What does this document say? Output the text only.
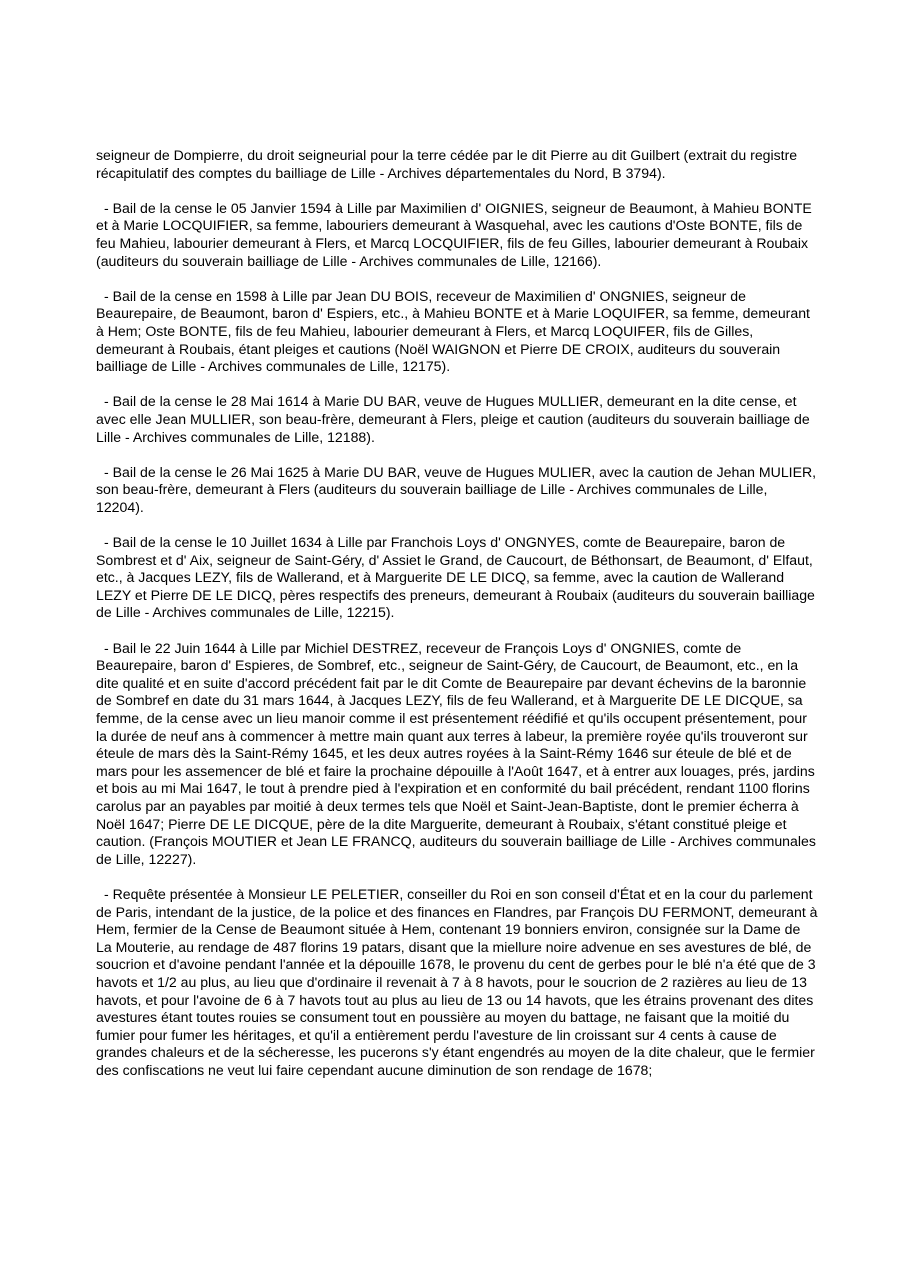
seigneur de Dompierre, du droit seigneurial pour la terre cédée par le dit Pierre au dit Guilbert (extrait du registre récapitulatif des comptes du bailliage de Lille - Archives départementales du Nord, B 3794).

- Bail de la cense le 05 Janvier 1594 à Lille par Maximilien d' OIGNIES, seigneur de Beaumont, à Mahieu BONTE et à Marie LOCQUIFIER, sa femme, labouriers demeurant à Wasquehal, avec les cautions d'Oste BONTE, fils de feu Mahieu, labourier demeurant à Flers, et Marcq LOCQUIFIER, fils de feu Gilles, labourier demeurant à Roubaix (auditeurs du souverain bailliage de Lille - Archives communales de Lille, 12166).

- Bail de la cense en 1598 à Lille par Jean DU BOIS, receveur de Maximilien d' ONGNIES, seigneur de Beaurepaire, de Beaumont, baron d' Espiers, etc., à Mahieu BONTE et à Marie LOQUIFER, sa femme, demeurant à Hem; Oste BONTE, fils de feu Mahieu, labourier demeurant à Flers, et Marcq LOQUIFER, fils de Gilles, demeurant à Roubais, étant pleiges et cautions (Noël WAIGNON et Pierre DE CROIX, auditeurs du souverain bailliage de Lille - Archives communales de Lille, 12175).

- Bail de la cense le 28 Mai 1614 à Marie DU BAR, veuve de Hugues MULLIER, demeurant en la dite cense, et avec elle Jean MULLIER, son beau-frère, demeurant à Flers, pleige et caution (auditeurs du souverain bailliage de Lille - Archives communales de Lille, 12188).

- Bail de la cense le 26 Mai 1625 à Marie DU BAR, veuve de Hugues MULIER, avec la caution de Jehan MULIER, son beau-frère, demeurant à Flers (auditeurs du souverain bailliage de Lille - Archives communales de Lille, 12204).

- Bail de la cense le 10 Juillet 1634 à Lille par Franchois Loys d' ONGNYES, comte de Beaurepaire, baron de Sombrest et d' Aix, seigneur de Saint-Géry, d' Assiet le Grand, de Caucourt, de Béthonsart, de Beaumont, d' Elfaut, etc., à Jacques LEZY, fils de Wallerand, et à Marguerite DE LE DICQ, sa femme, avec la caution de Wallerand LEZY et Pierre DE LE DICQ, pères respectifs des preneurs, demeurant à Roubaix (auditeurs du souverain bailliage de Lille - Archives communales de Lille, 12215).

- Bail le 22 Juin 1644 à Lille par Michiel DESTREZ, receveur de François Loys d' ONGNIES, comte de Beaurepaire, baron d' Espieres, de Sombref, etc., seigneur de Saint-Géry, de Caucourt, de Beaumont, etc., en la dite qualité et en suite d'accord précédent fait par le dit Comte de Beaurepaire par devant échevins de la baronnie de Sombref en date du 31 mars 1644, à Jacques LEZY, fils de feu Wallerand, et à Marguerite DE LE DICQUE, sa femme, de la cense avec un lieu manoir comme il est présentement réédifié et qu'ils occupent présentement, pour la durée de neuf ans à commencer à mettre main quant aux terres à labeur, la première royée qu'ils trouveront sur éteule de mars dès la Saint-Rémy 1645, et les deux autres royées à la Saint-Rémy 1646 sur éteule de blé et de mars pour les assemencer de blé et faire la prochaine dépouille à l'Août 1647, et à entrer aux louages, prés, jardins et bois au mi Mai 1647, le tout à prendre pied à l'expiration et en conformité du bail précédent, rendant 1100 florins carolus par an payables par moitié à deux termes tels que Noël et Saint-Jean-Baptiste, dont le premier écherra à Noël 1647; Pierre DE LE DICQUE, père de la dite Marguerite, demeurant à Roubaix, s'étant constitué pleige et caution. (François MOUTIER et Jean LE FRANCQ, auditeurs du souverain bailliage de Lille - Archives communales de Lille, 12227).

- Requête présentée à Monsieur LE PELETIER, conseiller du Roi en son conseil d'État et en la cour du parlement de Paris, intendant de la justice, de la police et des finances en Flandres, par François DU FERMONT, demeurant à Hem, fermier de la Cense de Beaumont située à Hem, contenant 19 bonniers environ, consignée sur la Dame de La Mouterie, au rendage de 487 florins 19 patars, disant que la miellure noire advenue en ses avestures de blé, de soucrion et d'avoine pendant l'année et la dépouille 1678, le provenu du cent de gerbes pour le blé n'a été que de 3 havots et 1/2 au plus, au lieu que d'ordinaire il revenait à 7 à 8 havots, pour le soucrion de 2 razières au lieu de 13 havots, et pour l'avoine de 6 à 7 havots tout au plus au lieu de 13 ou 14 havots, que les étrains provenant des dites avestures étant toutes rouies se consument tout en poussière au moyen du battage, ne faisant que la moitié du fumier pour fumer les héritages, et qu'il a entièrement perdu l'avesture de lin croissant sur 4 cents à cause de grandes chaleurs et de la sécheresse, les pucerons s'y étant engendrés au moyen de la dite chaleur, que le fermier des confiscations ne veut lui faire cependant aucune diminution de son rendage de 1678;
